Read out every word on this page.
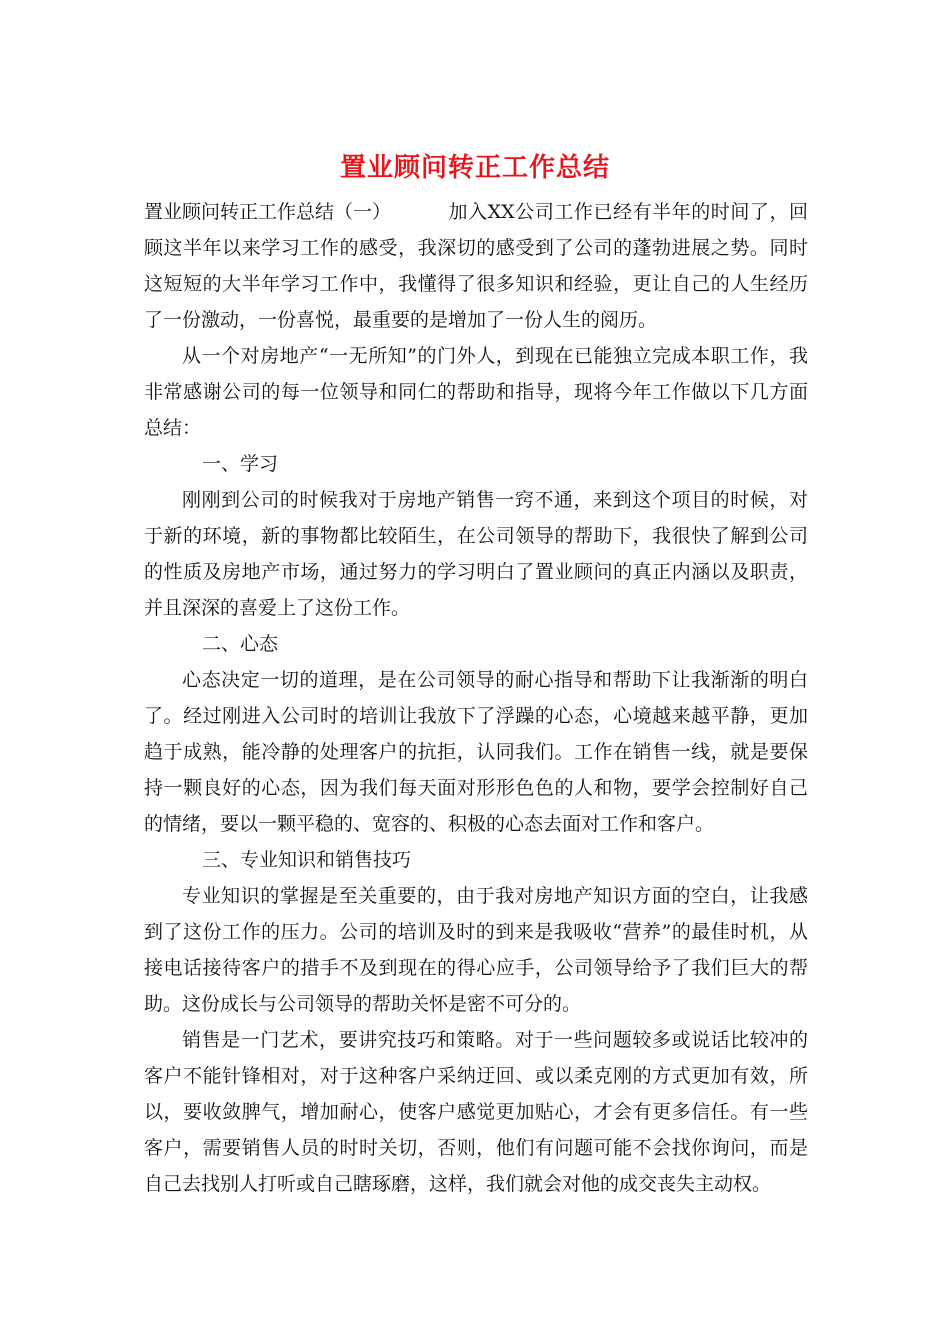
置业顾问转正工作总结

置业顾问转正工作总结（一）	加入XX公司工作已经有半年的时间了，回顾这半年以来学习工作的感受，我深切的感受到了公司的蓬勃进展之势。同时这短短的大半年学习工作中，我懂得了很多知识和经验，更让自己的人生经历了一份激动，一份喜悦，最重要的是增加了一份人生的阅历。

从一个对房地产“一无所知”的门外人，到现在已能独立完成本职工作，我非常感谢公司的每一位领导和同仁的帮助和指导，现将今年工作做以下几方面总结：

一、学习

刚刚到公司的时候我对于房地产销售一窍不通，来到这个项目的时候，对于新的环境，新的事物都比较陌生，在公司领导的帮助下，我很快了解到公司的性质及房地产市场，通过努力的学习明白了置业顾问的真正内涵以及职责，并且深深的喜爱上了这份工作。

二、心态

心态决定一切的道理，是在公司领导的耐心指导和帮助下让我渐渐的明白了。经过刚进入公司时的培训让我放下了浮躁的心态，心境越来越平静，更加趋于成熟，能冷静的处理客户的抗拒，认同我们。工作在销售一线，就是要保持一颗良好的心态，因为我们每天面对形形色色的人和物，要学会控制好自己的情绪，要以一颗平稳的、宽容的、积极的心态去面对工作和客户。

三、专业知识和销售技巧

专业知识的掌握是至关重要的，由于我对房地产知识方面的空白，让我感到了这份工作的压力。公司的培训及时的到来是我吸收“营养”的最佳时机，从接电话接待客户的措手不及到现在的得心应手，公司领导给予了我们巨大的帮助。这份成长与公司领导的帮助关怀是密不可分的。

销售是一门艺术，要讲究技巧和策略。对于一些问题较多或说话比较冲的客户不能针锋相对，对于这种客户采纳迂回、或以柔克刚的方式更加有效，所以，要收敛脾气，增加耐心，使客户感觉更加贴心，才会有更多信任。有一些客户，需要销售人员的时时关切，否则，他们有问题可能不会找你询问，而是自己去找别人打听或自己瞎琢磨，这样，我们就会对他的成交丧失主动权。
